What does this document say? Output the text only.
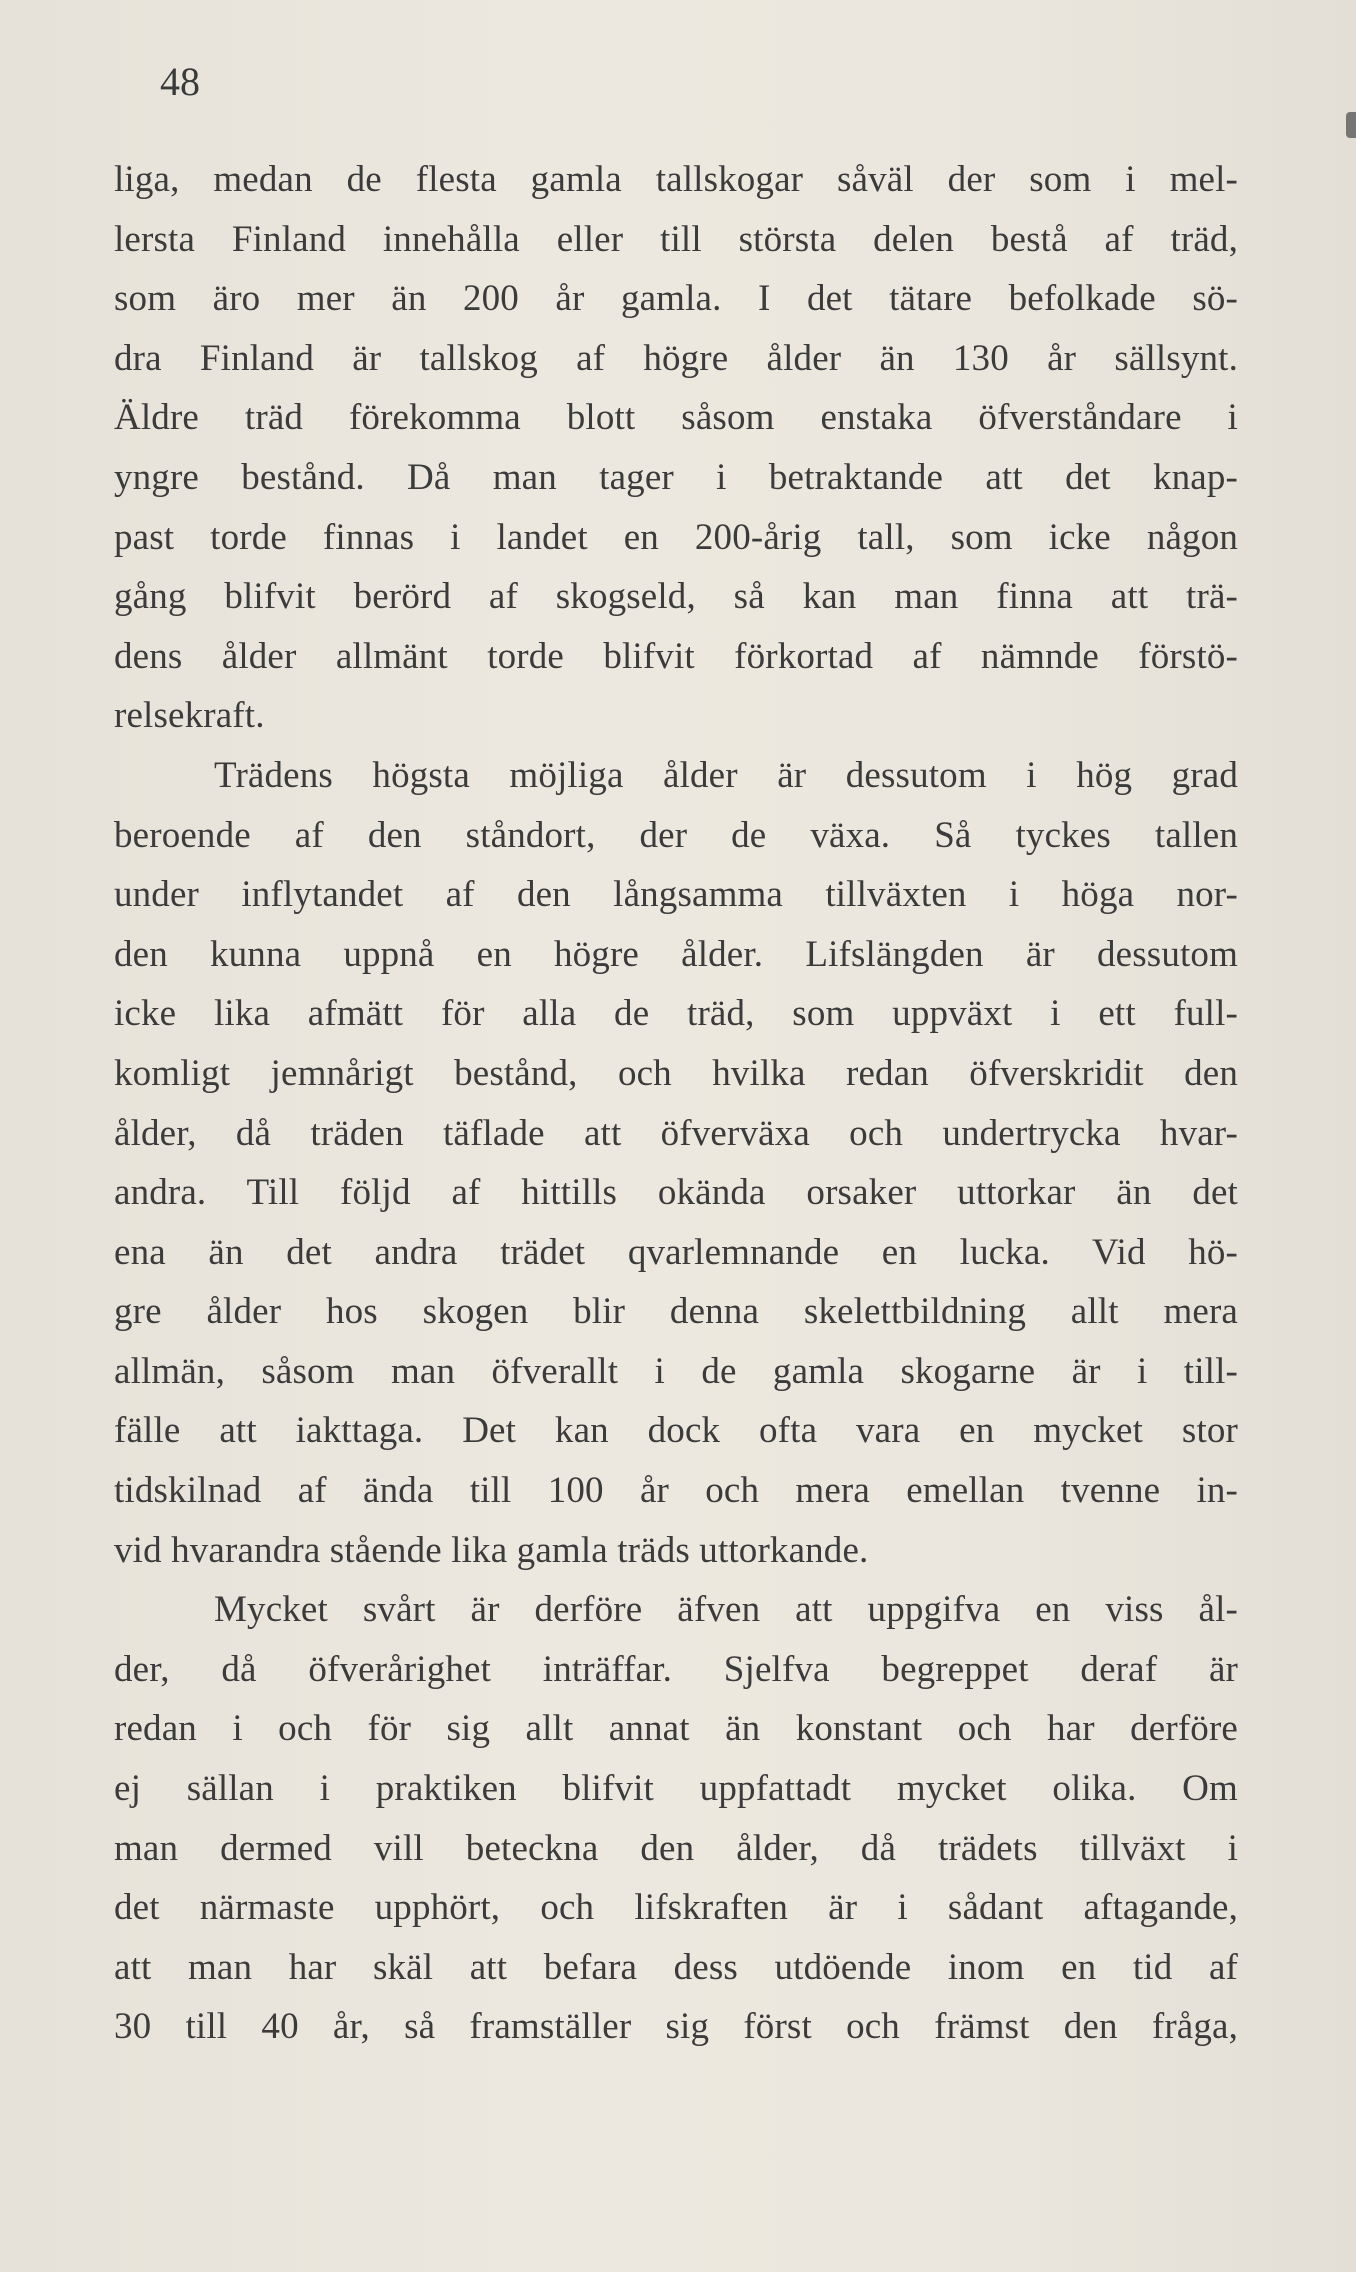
48
liga, medan de flesta gamla tallskogar såväl der som i mel-
lersta Finland innehålla eller till största delen bestå af träd,
som äro mer än 200 år gamla. I det tätare befolkade sö-
dra Finland är tallskog af högre ålder än 130 år sällsynt.
Äldre träd förekomma blott såsom enstaka öfverståndare i
yngre bestånd. Då man tager i betraktande att det knap-
past torde finnas i landet en 200-årig tall, som icke någon
gång blifvit berörd af skogseld, så kan man finna att trä-
dens ålder allmänt torde blifvit förkortad af nämnde förstö-
relsekraft.
Trädens högsta möjliga ålder är dessutom i hög grad
beroende af den ståndort, der de växa. Så tyckes tallen
under inflytandet af den långsamma tillväxten i höga nor-
den kunna uppnå en högre ålder. Lifslängden är dessutom
icke lika afmätt för alla de träd, som uppväxt i ett full-
komligt jemnårigt bestånd, och hvilka redan öfverskridit den
ålder, då träden täflade att öfverväxa och undertrycka hvar-
andra. Till följd af hittills okända orsaker uttorkar än det
ena än det andra trädet qvarlemnande en lucka. Vid hö-
gre ålder hos skogen blir denna skelettbildning allt mera
allmän, såsom man öfverallt i de gamla skogarne är i till-
fälle att iakttaga. Det kan dock ofta vara en mycket stor
tidskilnad af ända till 100 år och mera emellan tvenne in-
vid hvarandra stående lika gamla träds uttorkande.
Mycket svårt är derföre äfven att uppgifva en viss ål-
der, då öfverårighet inträffar. Sjelfva begreppet deraf är
redan i och för sig allt annat än konstant och har derföre
ej sällan i praktiken blifvit uppfattadt mycket olika. Om
man dermed vill beteckna den ålder, då trädets tillväxt i
det närmaste upphört, och lifskraften är i sådant aftagande,
att man har skäl att befara dess utdöende inom en tid af
30 till 40 år, så framställer sig först och främst den fråga,
